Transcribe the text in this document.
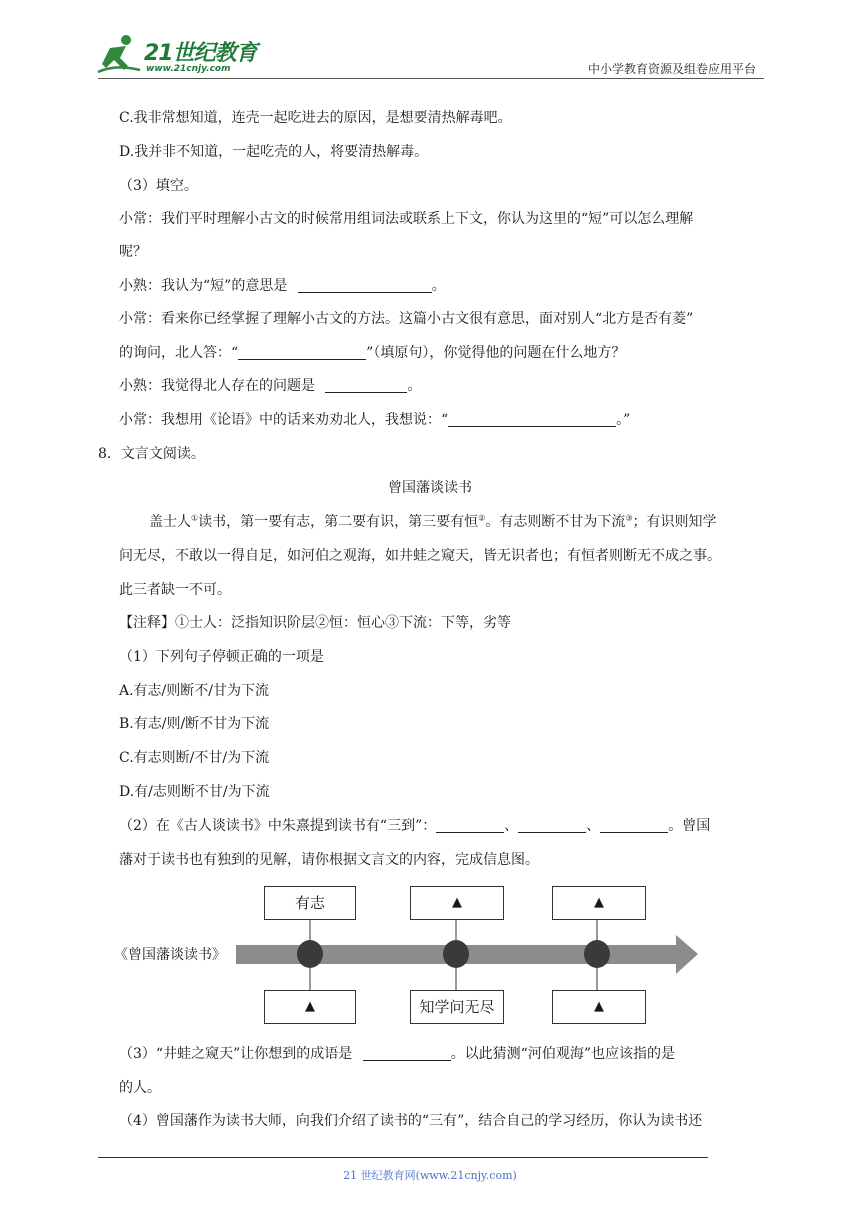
21世纪教育
www.21cnjy.com	中小学教育资源及组卷应用平台
C.我非常想知道，连壳一起吃进去的原因，是想要清热解毒吧。
D.我并非不知道，一起吃壳的人，将要清热解毒。
（3）填空。
小常：我们平时理解小古文的时候常用组词法或联系上下文，你认为这里的“短”可以怎么理解
呢？
小熟：我认为“短”的意思是	。
小常：看来你已经掌握了理解小古文的方法。这篇小古文很有意思，面对别人“北方是否有菱”
的询问，北人答：“	”（填原句），你觉得他的问题在什么地方？
小熟：我觉得北人存在的问题是	。
小常：我想用《论语》中的话来劝劝北人，我想说：“	。”
8．文言文阅读。
曾国藩谈读书
盖士人①读书，第一要有志，第二要有识，第三要有恒②。有志则断不甘为下流③；有识则知学
问无尽，不敢以一得自足，如河伯之观海，如井蛙之窥天，皆无识者也；有恒者则断无不成之事。
此三者缺一不可。
【注释】①士人：泛指知识阶层②恒：恒心③下流：下等，劣等
（1）下列句子停顿正确的一项是
A.有志/则断不/甘为下流
B.有志/则/断不甘为下流
C.有志则断/不甘/为下流
D.有/志则断不甘/为下流
（2）在《古人谈读书》中朱熹提到读书有“三到”：	、	、	。曾国
藩对于读书也有独到的见解，请你根据文言文的内容，完成信息图。
《曾国藩谈读书》
有志	▲	▲
▲	知学问无尽	▲
（3）“井蛙之窥天”让你想到的成语是	。以此猜测“河伯观海”也应该指的是
的人。
（4）曾国藩作为读书大师，向我们介绍了读书的“三有”，结合自己的学习经历，你认为读书还
21 世纪教育网(www.21cnjy.com)
